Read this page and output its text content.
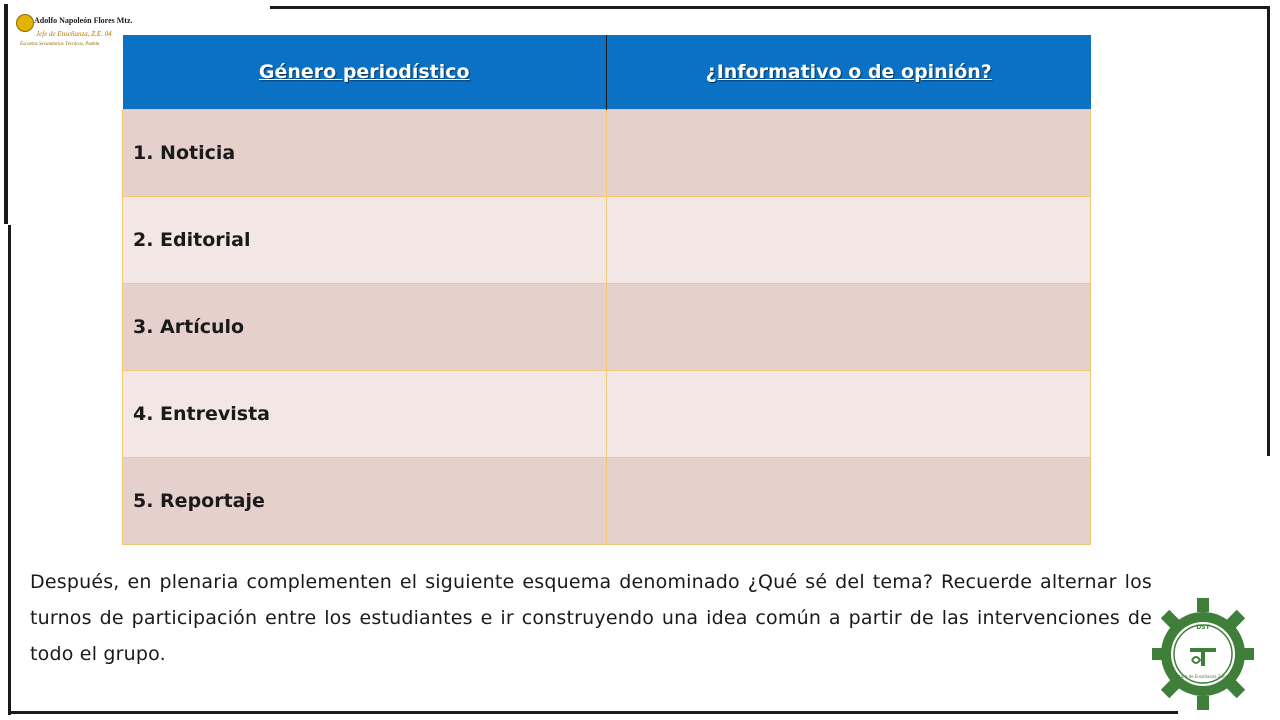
Adolfo Napoleón Flores Mtz.
Jefe de Enseñanza, Z.E. 04
Escuelas Secundarias Técnicas, Puebla
Género periodístico	¿Informativo o de opinión?
1. Noticia	
2. Editorial	
3. Artículo	
4. Entrevista	
5. Reportaje	
Después, en plenaria complementen el siguiente esquema denominado ¿Qué sé del tema? Recuerde alternar los turnos de participación entre los estudiantes e ir construyendo una idea común a partir de las intervenciones de todo el grupo.
DST
Jefatura de Enseñanza Zona 04
